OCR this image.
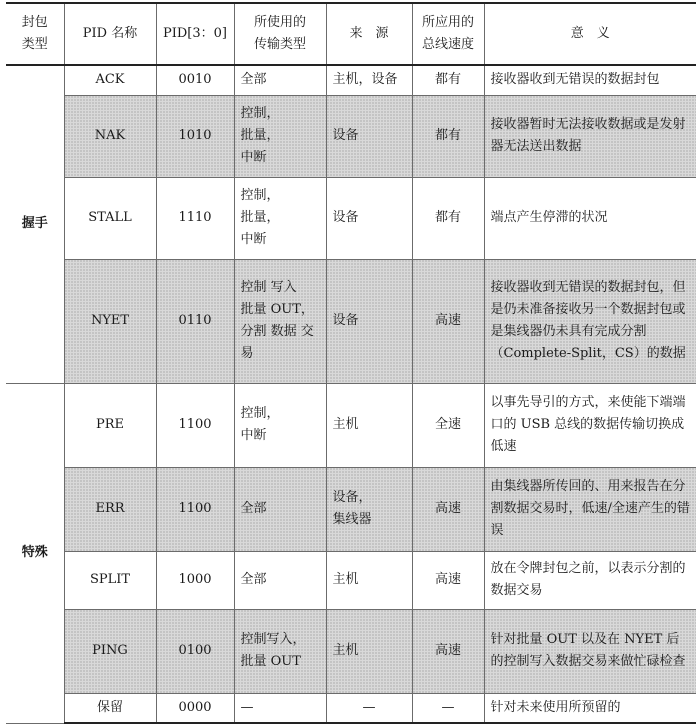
封包
类型	PID 名称	PID[3：0]	所使用的
传输类型	来　源	所应用的
总线速度	意　义
握手	ACK	0010	全部	主机，设备	都有	接收器收到无错误的数据封包
	NAK	1010	控制，
批量，
中断	设备	都有	接收器暂时无法接收数据或是发射器无法送出数据
	STALL	1110	控制，
批量，
中断	设备	都有	端点产生停滞的状况
	NYET	0110	控制 写入
批量 OUT，
分割 数据 交
易	设备	高速	接收器收到无错误的数据封包，但是仍未准备接收另一个数据封包或是集线器仍未具有完成分割（Complete-Split，CS）的数据
特殊	PRE	1100	控制，
中断	主机	全速	以事先导引的方式，来使能下端端口的 USB 总线的数据传输切换成低速
	ERR	1100	全部	设备，
集线器	高速	由集线器所传回的、用来报告在分割数据交易时，低速/全速产生的错误
	SPLIT	1000	全部	主机	高速	放在令牌封包之前，以表示分割的数据交易
	PING	0100	控制写入，
批量 OUT	主机	高速	针对批量 OUT 以及在 NYET 后的控制写入数据交易来做忙碌检查
	保留	0000	—	—	—	针对未来使用所预留的
